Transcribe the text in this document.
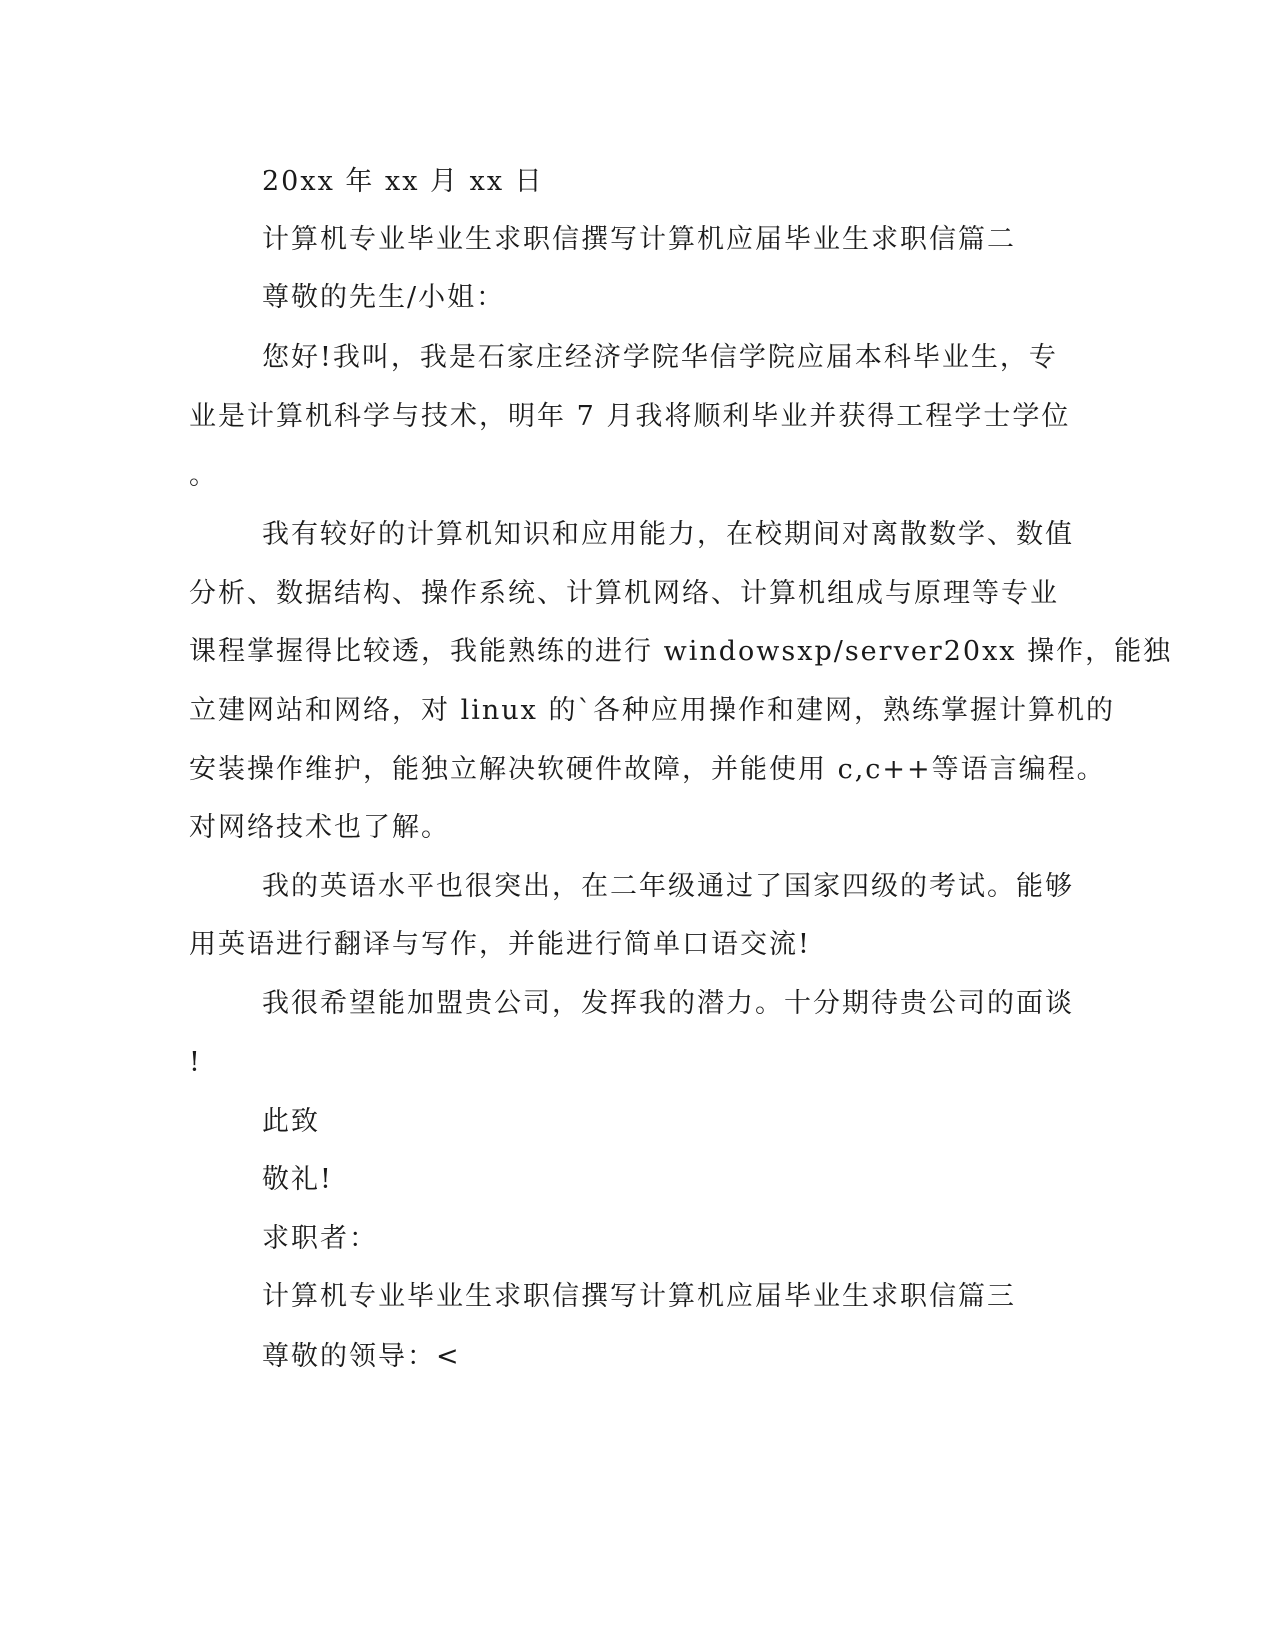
20xx 年 xx 月 xx 日
计算机专业毕业生求职信撰写计算机应届毕业生求职信篇二
尊敬的先生/小姐：
您好!我叫，我是石家庄经济学院华信学院应届本科毕业生，专
业是计算机科学与技术，明年 7 月我将顺利毕业并获得工程学士学位
。
我有较好的计算机知识和应用能力，在校期间对离散数学、数值
分析、数据结构、操作系统、计算机网络、计算机组成与原理等专业
课程掌握得比较透，我能熟练的进行 windowsxp/server20xx 操作，能独
立建网站和网络，对 linux 的`各种应用操作和建网，熟练掌握计算机的
安装操作维护，能独立解决软硬件故障，并能使用 c,c++等语言编程。
对网络技术也了解。
我的英语水平也很突出，在二年级通过了国家四级的考试。能够
用英语进行翻译与写作，并能进行简单口语交流!
我很希望能加盟贵公司，发挥我的潜力。十分期待贵公司的面谈
!
此致
敬礼!
求职者：
计算机专业毕业生求职信撰写计算机应届毕业生求职信篇三
尊敬的领导：<
